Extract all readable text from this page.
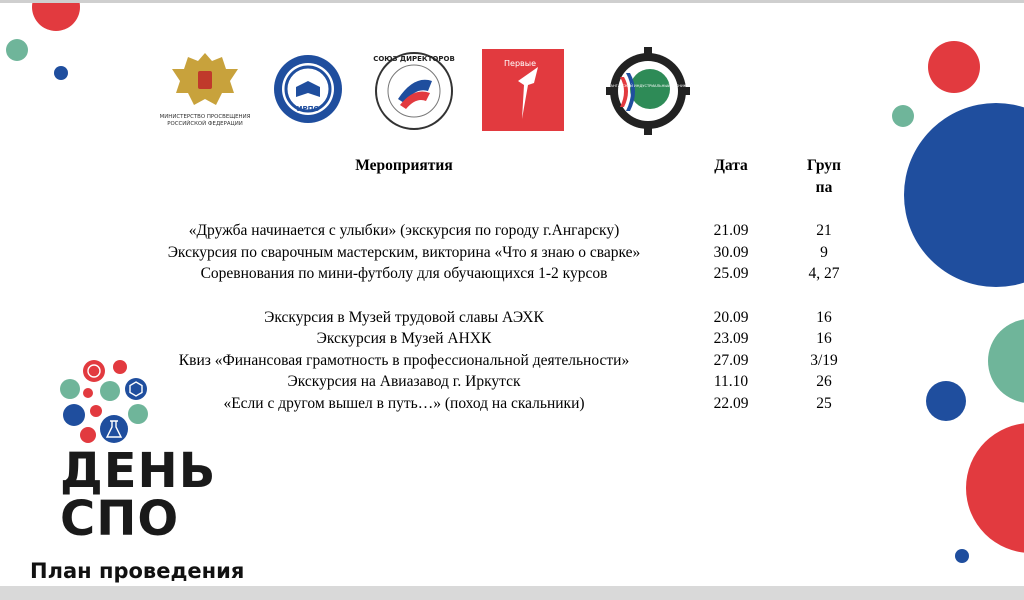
МИНИСТЕРСТВО ПРОСВЕЩЕНИЯ
РОССИЙСКОЙ ФЕДЕРАЦИИ
ИРПО
СОЮЗ ДИРЕКТОРОВ	Первые
АНГАРСКИЙ ИНДУСТРИАЛЬНЫЙ ТЕХНИКУМ
Мероприятия	Дата	Груп
па

«Дружба начинается с улыбки» (экскурсия по городу г.Ангарску)	21.09	21
Экскурсия по сварочным мастерским, викторина «Что я знаю о сварке»	30.09	9
Соревнования по мини-футболу для обучающихся 1-2 курсов	25.09	4, 27

Экскурсия в Музей трудовой славы АЭХК	20.09	16
Экскурсия в Музей АНХК	23.09	16
Квиз «Финансовая грамотность в профессиональной деятельности»	27.09	3/19
Экскурсия на Авиазавод г. Иркутск	11.10	26
«Если с другом вышел в путь…» (поход на скальники)	22.09	25
ДЕНЬ
СПО
План проведения
